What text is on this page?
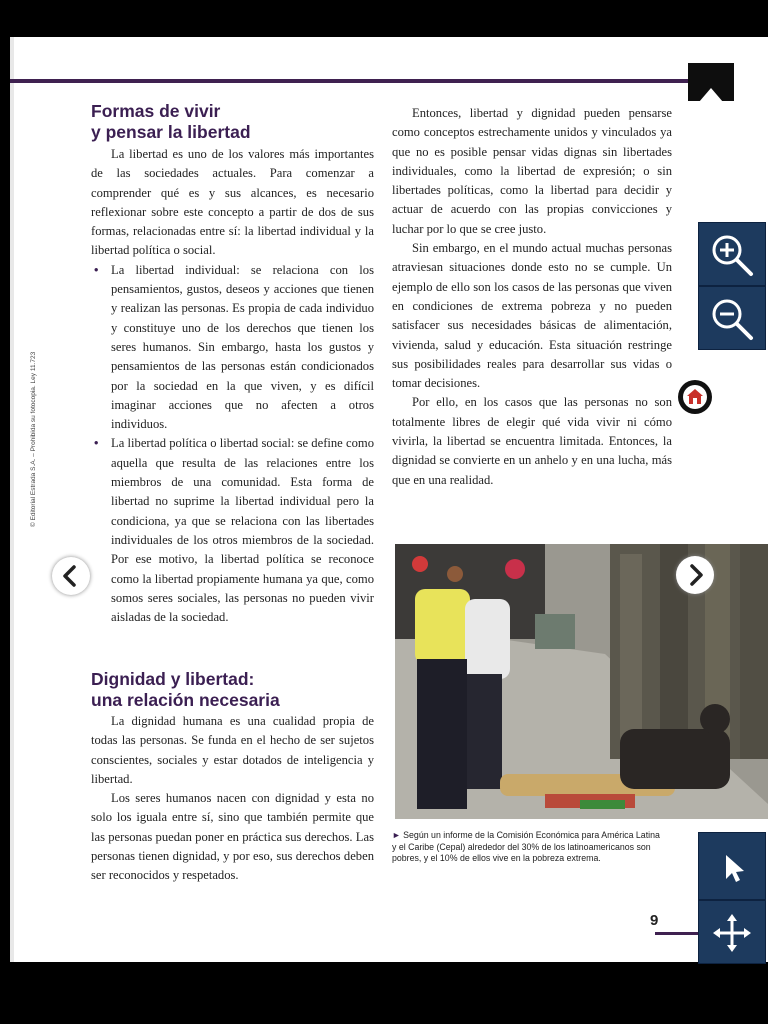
© Editorial Estrada S.A. – Prohibida su fotocopia. Ley 11.723
Formas de vivir
y pensar la libertad

La libertad es uno de los valores más importantes de las sociedades actuales. Para comenzar a comprender qué es y sus alcances, es necesario reflexionar sobre este concepto a partir de dos de sus formas, relacionadas entre sí: la libertad individual y la libertad política o social.

• La libertad individual: se relaciona con los pensamientos, gustos, deseos y acciones que tienen y realizan las personas. Es propia de cada individuo y constituye uno de los derechos que tienen los seres humanos. Sin embargo, hasta los gustos y pensamientos de las personas están condicionados por la sociedad en la que viven, y es difícil imaginar acciones que no afecten a otros individuos.
• La libertad política o libertad social: se define como aquella que resulta de las relaciones entre los miembros de una comunidad. Esta forma de libertad no suprime la libertad individual pero la condiciona, ya que se relaciona con las libertades individuales de los otros miembros de la sociedad. Por ese motivo, la libertad política se reconoce como la libertad propiamente humana ya que, como somos seres sociales, las personas no pueden vivir aisladas de la sociedad.
Dignidad y libertad:
una relación necesaria

La dignidad humana es una cualidad propia de todas las personas. Se funda en el hecho de ser sujetos conscientes, sociales y estar dotados de inteligencia y libertad.

Los seres humanos nacen con dignidad y esta no solo los iguala entre sí, sino que también permite que las personas puedan poner en práctica sus derechos. Las personas tienen dignidad, y por eso, sus derechos deben ser reconocidos y respetados.

Entonces, libertad y dignidad pueden pensarse como conceptos estrechamente unidos y vinculados ya que no es posible pensar vidas dignas sin libertades individuales, como la libertad de expresión; o sin libertades políticas, como la libertad para decidir y actuar de acuerdo con las propias convicciones y luchar por lo que se cree justo.

Sin embargo, en el mundo actual muchas personas atraviesan situaciones donde esto no se cumple. Un ejemplo de ello son los casos de las personas que viven en condiciones de extrema pobreza y no pueden satisfacer sus necesidades básicas de alimentación, vivienda, salud y educación. Esta situación restringe sus posibilidades reales para desarrollar sus vidas o tomar decisiones.

Por ello, en los casos que las personas no son totalmente libres de elegir qué vida vivir ni cómo vivirla, la libertad se encuentra limitada. Entonces, la dignidad se convierte en un anhelo y en una lucha, más que en una realidad.

► Según un informe de la Comisión Económica para América Latina y el Caribe (Cepal) alrededor del 30% de los latinoamericanos son pobres, y el 10% de ellos vive en la pobreza extrema.
9
